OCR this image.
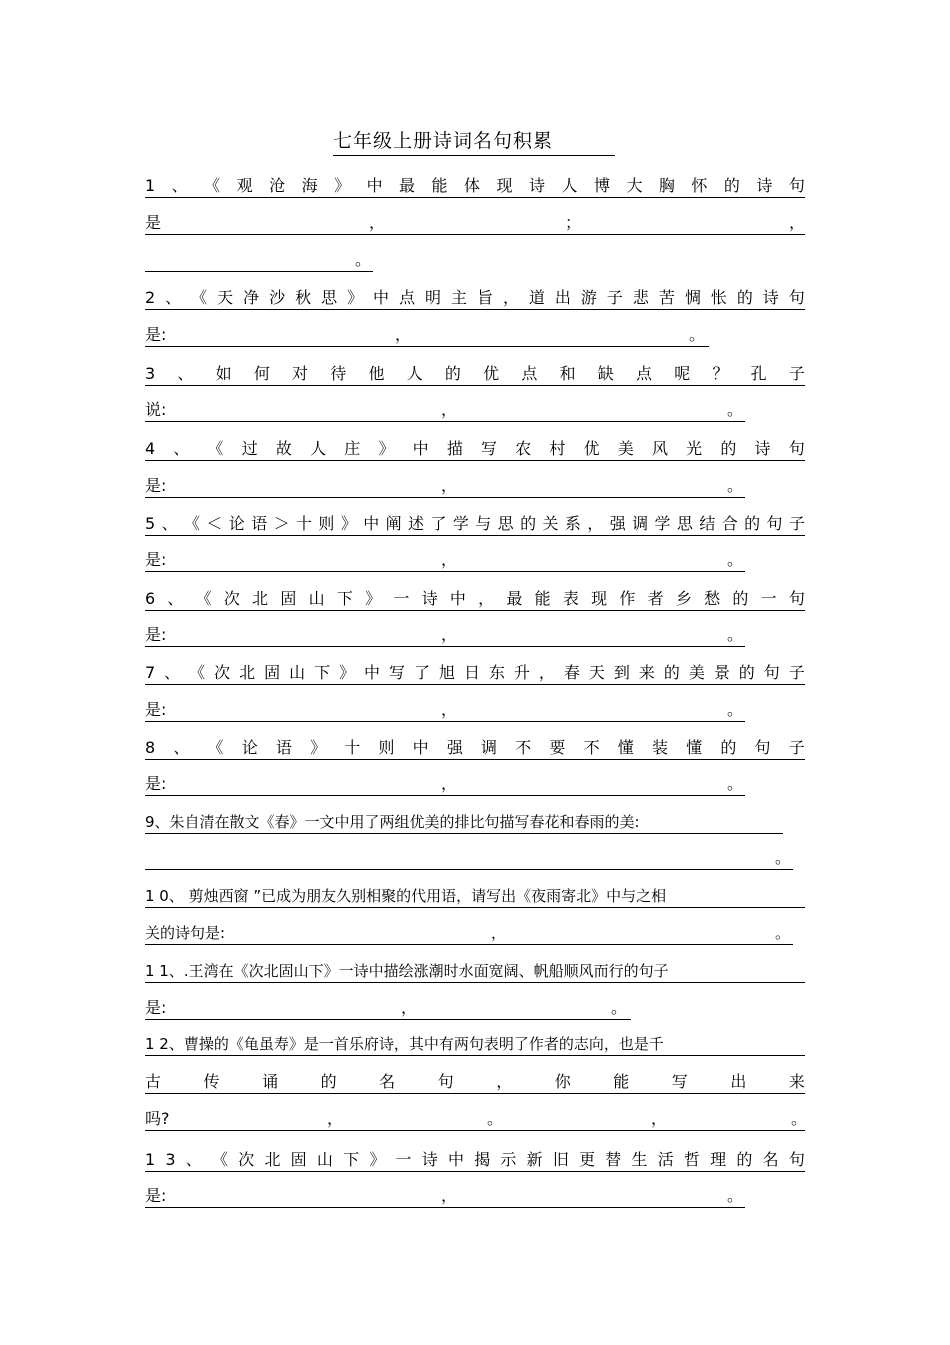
七年级上册诗词名句积累
1 、 《 观 沧 海 》 中 最 能 体 现 诗 人 博 大 胸 怀 的 诗 句
是	，	；	，
。
2 、 《 天 净 沙 秋 思 》 中 点 明 主 旨 ， 道 出 游 子 悲 苦 惆 怅 的 诗 句
是:	，	。
3 、 如 何 对 待 他 人 的 优 点 和 缺 点 呢 ？ 孔 子
说:	，	。
4 、 《 过 故 人 庄 》 中 描 写 农 村 优 美 风 光 的 诗 句
是:	，	。
5 、 《 ＜ 论 语 ＞ 十 则 》 中 阐 述 了 学 与 思 的 关 系 ， 强 调 学 思 结 合 的 句 子
是:	，	。
6 、 《 次 北 固 山 下 》 一 诗 中 ， 最 能 表 现 作 者 乡 愁 的 一 句
是:	，	。
7 、 《 次 北 固 山 下 》 中 写 了 旭 日 东 升 ， 春 天 到 来 的 美 景 的 句 子
是:	，	。
8 、 《 论 语 》 十 则 中 强 调 不 要 不 懂 装 懂 的 句 子
是:	，	。
9、朱自清在散文《春》一文中用了两组优美的排比句描写春花和春雨的美:
。
1 0、 剪烛西窗 ”已成为朋友久别相聚的代用语，请写出《夜雨寄北》中与之相
关的诗句是:	，	。
1 1、.王湾在《次北固山下》一诗中描绘涨潮时水面宽阔、帆船顺风而行的句子
是:	，	。
1 2、曹操的《龟虽寿》是一首乐府诗，其中有两句表明了作者的志向，也是千
古	传	诵	的	名	句	，	你	能	写	出	来
吗?	，	。	，	。
1 3 、 《 次 北 固 山 下 》 一 诗 中 揭 示 新 旧 更 替 生 活 哲 理 的 名 句
是:	，	。
